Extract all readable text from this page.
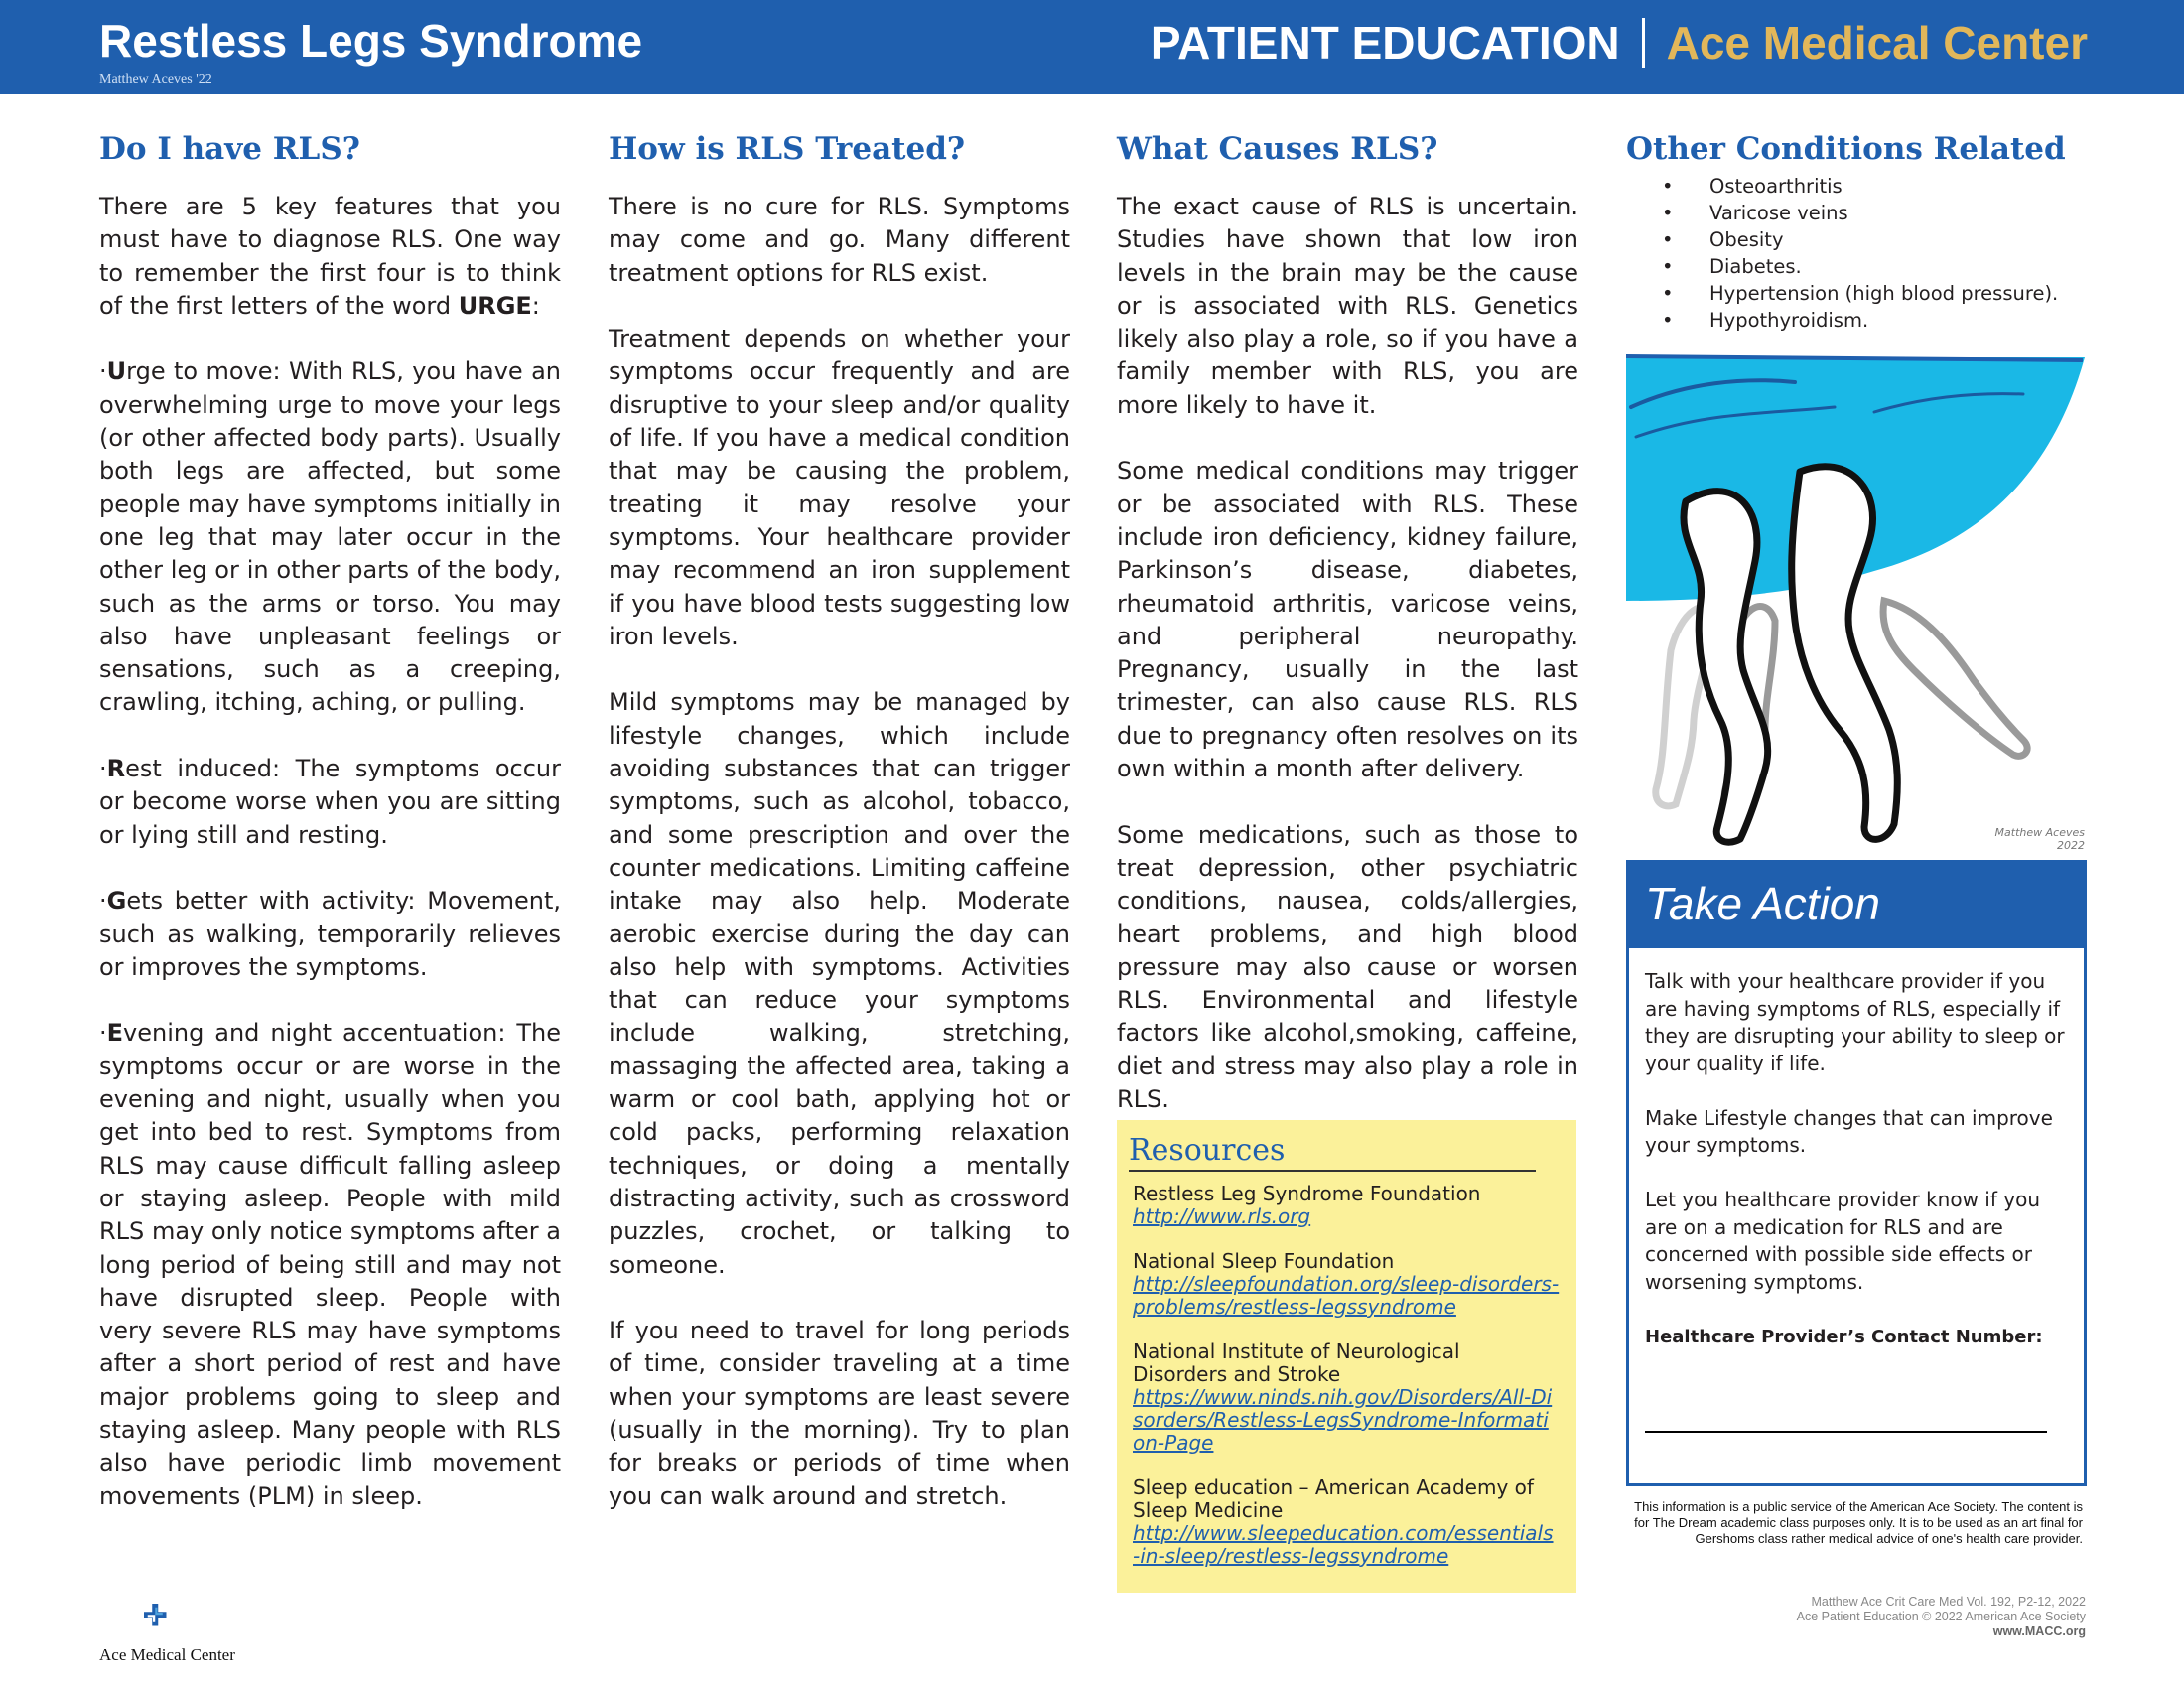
Restless Legs Syndrome
Matthew Aceves '22
PATIENT EDUCATION Ace Medical Center
Do I have RLS?

There are 5 key features that you must have to diagnose RLS. One way to remember the first four is to think of the first letters of the word URGE:

·Urge to move: With RLS, you have an overwhelming urge to move your legs (or other affected body parts). Usually both legs are affected, but some people may have symptoms initially in one leg that may later occur in the other leg or in other parts of the body, such as the arms or torso. You may also have unpleasant feelings or sensations, such as a creeping, crawling, itching, aching, or pulling.

·Rest induced: The symptoms occur or become worse when you are sitting or lying still and resting.

·Gets better with activity: Movement, such as walking, temporarily relieves or improves the symptoms.

·Evening and night accentuation: The symptoms occur or are worse in the evening and night, usually when you get into bed to rest. Symptoms from RLS may cause difficult falling asleep or staying asleep. People with mild RLS may only notice symptoms after a long period of being still and may not have disrupted sleep. People with very severe RLS may have symptoms after a short period of rest and have major problems going to sleep and staying asleep. Many people with RLS also have periodic limb movement movements (PLM) in sleep.

How is RLS Treated?

There is no cure for RLS. Symptoms may come and go. Many different treatment options for RLS exist.

Treatment depends on whether your symptoms occur frequently and are disruptive to your sleep and/or quality of life. If you have a medical condition that may be causing the problem, treating it may resolve your symptoms. Your healthcare provider may recommend an iron supplement if you have blood tests suggesting low iron levels.

Mild symptoms may be managed by lifestyle changes, which include avoiding substances that can trigger symptoms, such as alcohol, tobacco, and some prescription and over the counter medications. Limiting caffeine intake may also help. Moderate aerobic exercise during the day can also help with symptoms. Activities that can reduce your symptoms include walking, stretching, massaging the affected area, taking a warm or cool bath, applying hot or cold packs, performing relaxation techniques, or doing a mentally distracting activity, such as crossword puzzles, crochet, or talking to someone.

If you need to travel for long periods of time, consider traveling at a time when your symptoms are least severe (usually in the morning). Try to plan for breaks or periods of time when you can walk around and stretch.

What Causes RLS?

The exact cause of RLS is uncertain. Studies have shown that low iron levels in the brain may be the cause or is associated with RLS. Genetics likely also play a role, so if you have a family member with RLS, you are more likely to have it.

Some medical conditions may trigger or be associated with RLS. These include iron deficiency, kidney failure, Parkinson’s disease, diabetes, rheumatoid arthritis, varicose veins, and peripheral neuropathy. Pregnancy, usually in the last trimester, can also cause RLS. RLS due to pregnancy often resolves on its own within a month after delivery.

Some medications, such as those to treat depression, other psychiatric conditions, nausea, colds/allergies, heart problems, and high blood pressure may also cause or worsen RLS. Environmental and lifestyle factors like alcohol,smoking, caffeine, diet and stress may also play a role in RLS.

Resources
Restless Leg Syndrome Foundation
http://www.rls.org
National Sleep Foundation
http://sleepfoundation.org/sleep-disorders-problems/restless-legssyndrome
National Institute of Neurological Disorders and Stroke
https://www.ninds.nih.gov/Disorders/All-Disorders/Restless-LegsSyndrome-Information-Page
Sleep education – American Academy of Sleep Medicine
http://www.sleepeducation.com/essentials-in-sleep/restless-legssyndrome
Other Conditions Related
• Osteoarthritis
• Varicose veins
• Obesity
• Diabetes.
• Hypertension (high blood pressure).
• Hypothyroidism.
Matthew Aceves
2022
Take Action

Talk with your healthcare provider if you are having symptoms of RLS, especially if they are disrupting your ability to sleep or your quality if life.

Make Lifestyle changes that can improve your symptoms.

Let you healthcare provider know if you are on a medication for RLS and are concerned with possible side effects or worsening symptoms.

Healthcare Provider’s Contact Number:

This information is a public service of the American Ace Society. The content is for The Dream academic class purposes only. It is to be used as an art final for Gershoms class rather medical advice of one's health care provider.
Ace Medical Center
Matthew Ace Crit Care Med Vol. 192, P2-12, 2022
Ace Patient Education © 2022 American Ace Society
www.MACC.org
